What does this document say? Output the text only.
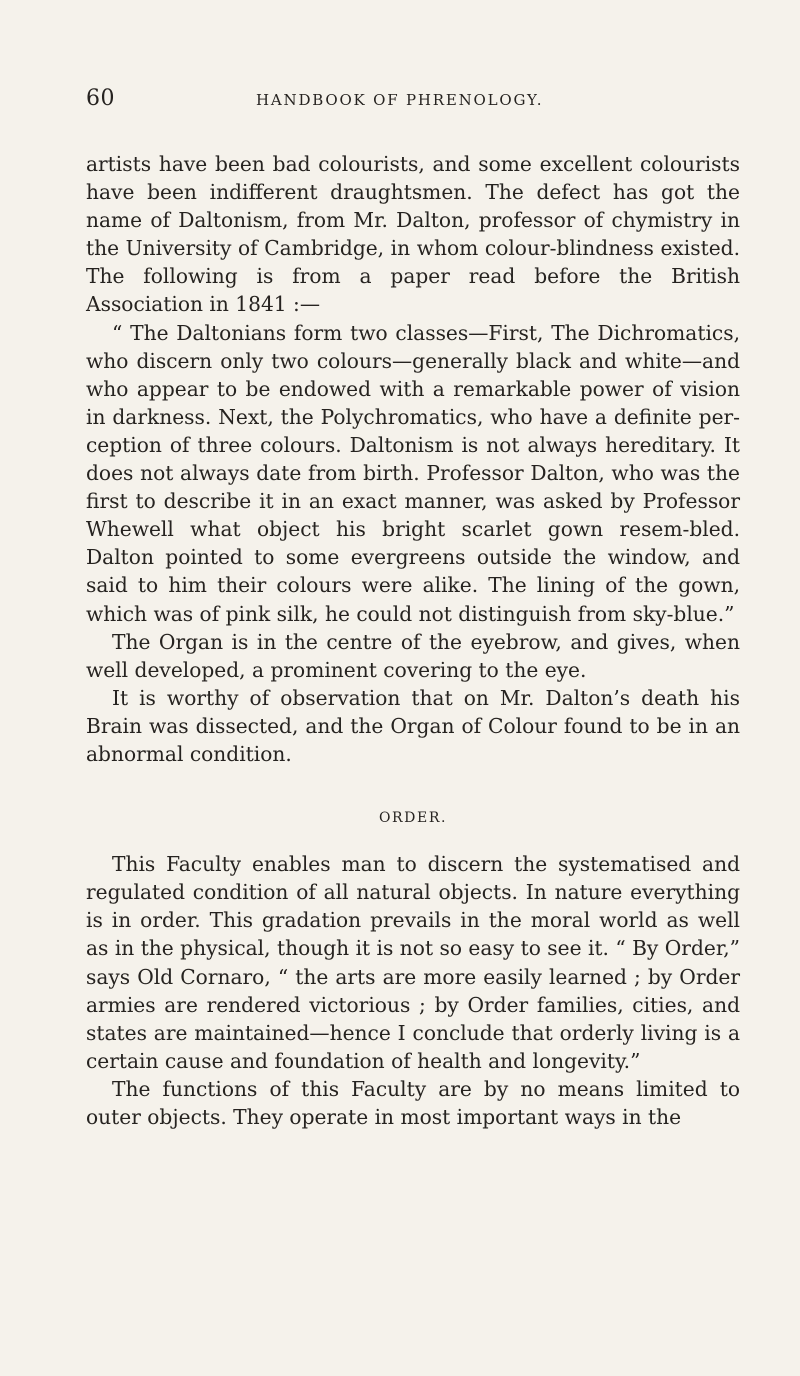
60	HANDBOOK OF PHRENOLOGY.

artists have been bad colourists, and some excellent colourists have been indifferent draughtsmen. The defect has got the name of Daltonism, from Mr. Dalton, professor of chymistry in the University of Cambridge, in whom colour-blindness existed. The following is from a paper read before the British Association in 1841 :—

“ The Daltonians form two classes—First, The Dichromatics, who discern only two colours—generally black and white—and who appear to be endowed with a remarkable power of vision in darkness. Next, the Polychromatics, who have a definite per-ception of three colours. Daltonism is not always hereditary. It does not always date from birth. Professor Dalton, who was the first to describe it in an exact manner, was asked by Professor Whewell what object his bright scarlet gown resem-bled. Dalton pointed to some evergreens outside the window, and said to him their colours were alike. The lining of the gown, which was of pink silk, he could not distinguish from sky-blue.”

The Organ is in the centre of the eyebrow, and gives, when well developed, a prominent covering to the eye.

It is worthy of observation that on Mr. Dalton’s death his Brain was dissected, and the Organ of Colour found to be in an abnormal condition.

ORDER.

This Faculty enables man to discern the systematised and regulated condition of all natural objects. In nature everything is in order. This gradation prevails in the moral world as well as in the physical, though it is not so easy to see it. “ By Order,” says Old Cornaro, “ the arts are more easily learned ; by Order armies are rendered victorious ; by Order families, cities, and states are maintained—hence I conclude that orderly living is a certain cause and foundation of health and longevity.”

The functions of this Faculty are by no means limited to outer objects. They operate in most important ways in the
